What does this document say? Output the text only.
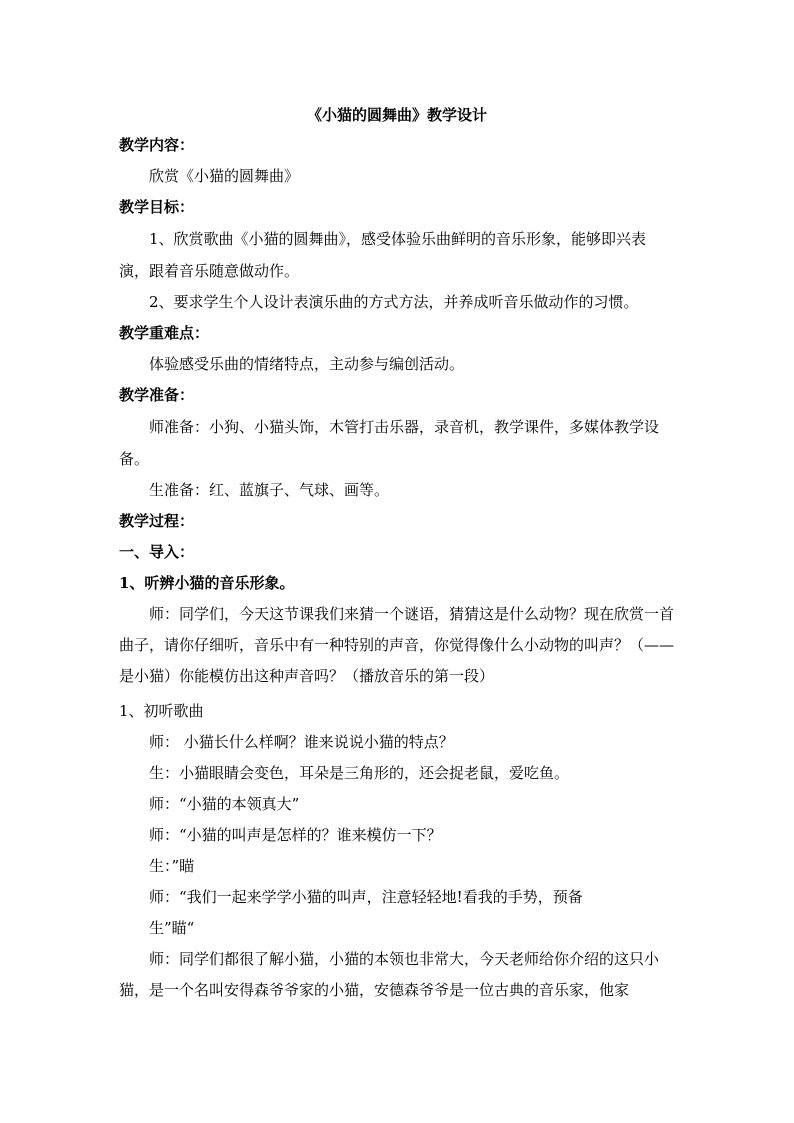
《小猫的圆舞曲》教学设计

教学内容：

欣赏《小猫的圆舞曲》

教学目标：

1、欣赏歌曲《小猫的圆舞曲》，感受体验乐曲鲜明的音乐形象，能够即兴表演，跟着音乐随意做动作。

2、要求学生个人设计表演乐曲的方式方法，并养成听音乐做动作的习惯。

教学重难点：

体验感受乐曲的情绪特点，主动参与编创活动。

教学准备：

师准备：小狗、小猫头饰，木管打击乐器，录音机，教学课件，多媒体教学设备。

生准备：红、蓝旗子、气球、画等。

教学过程：

一、导入：

1、听辨小猫的音乐形象。

师：同学们，今天这节课我们来猜一个谜语，猜猜这是什么动物？现在欣赏一首曲子，请你仔细听，音乐中有一种特别的声音，你觉得像什么小动物的叫声？（——是小猫）你能模仿出这种声音吗？（播放音乐的第一段）

1、初听歌曲

师： 小猫长什么样啊？谁来说说小猫的特点？

生：小猫眼睛会变色，耳朵是三角形的，还会捉老鼠，爱吃鱼。

师：“小猫的本领真大”

师：“小猫的叫声是怎样的？谁来模仿一下？

生：”瞄

师：“我们一起来学学小猫的叫声，注意轻轻地!看我的手势，预备

生”瞄“

师：同学们都很了解小猫，小猫的本领也非常大，今天老师给你介绍的这只小猫，是一个名叫安得森爷爷家的小猫，安德森爷爷是一位古典的音乐家，他家
